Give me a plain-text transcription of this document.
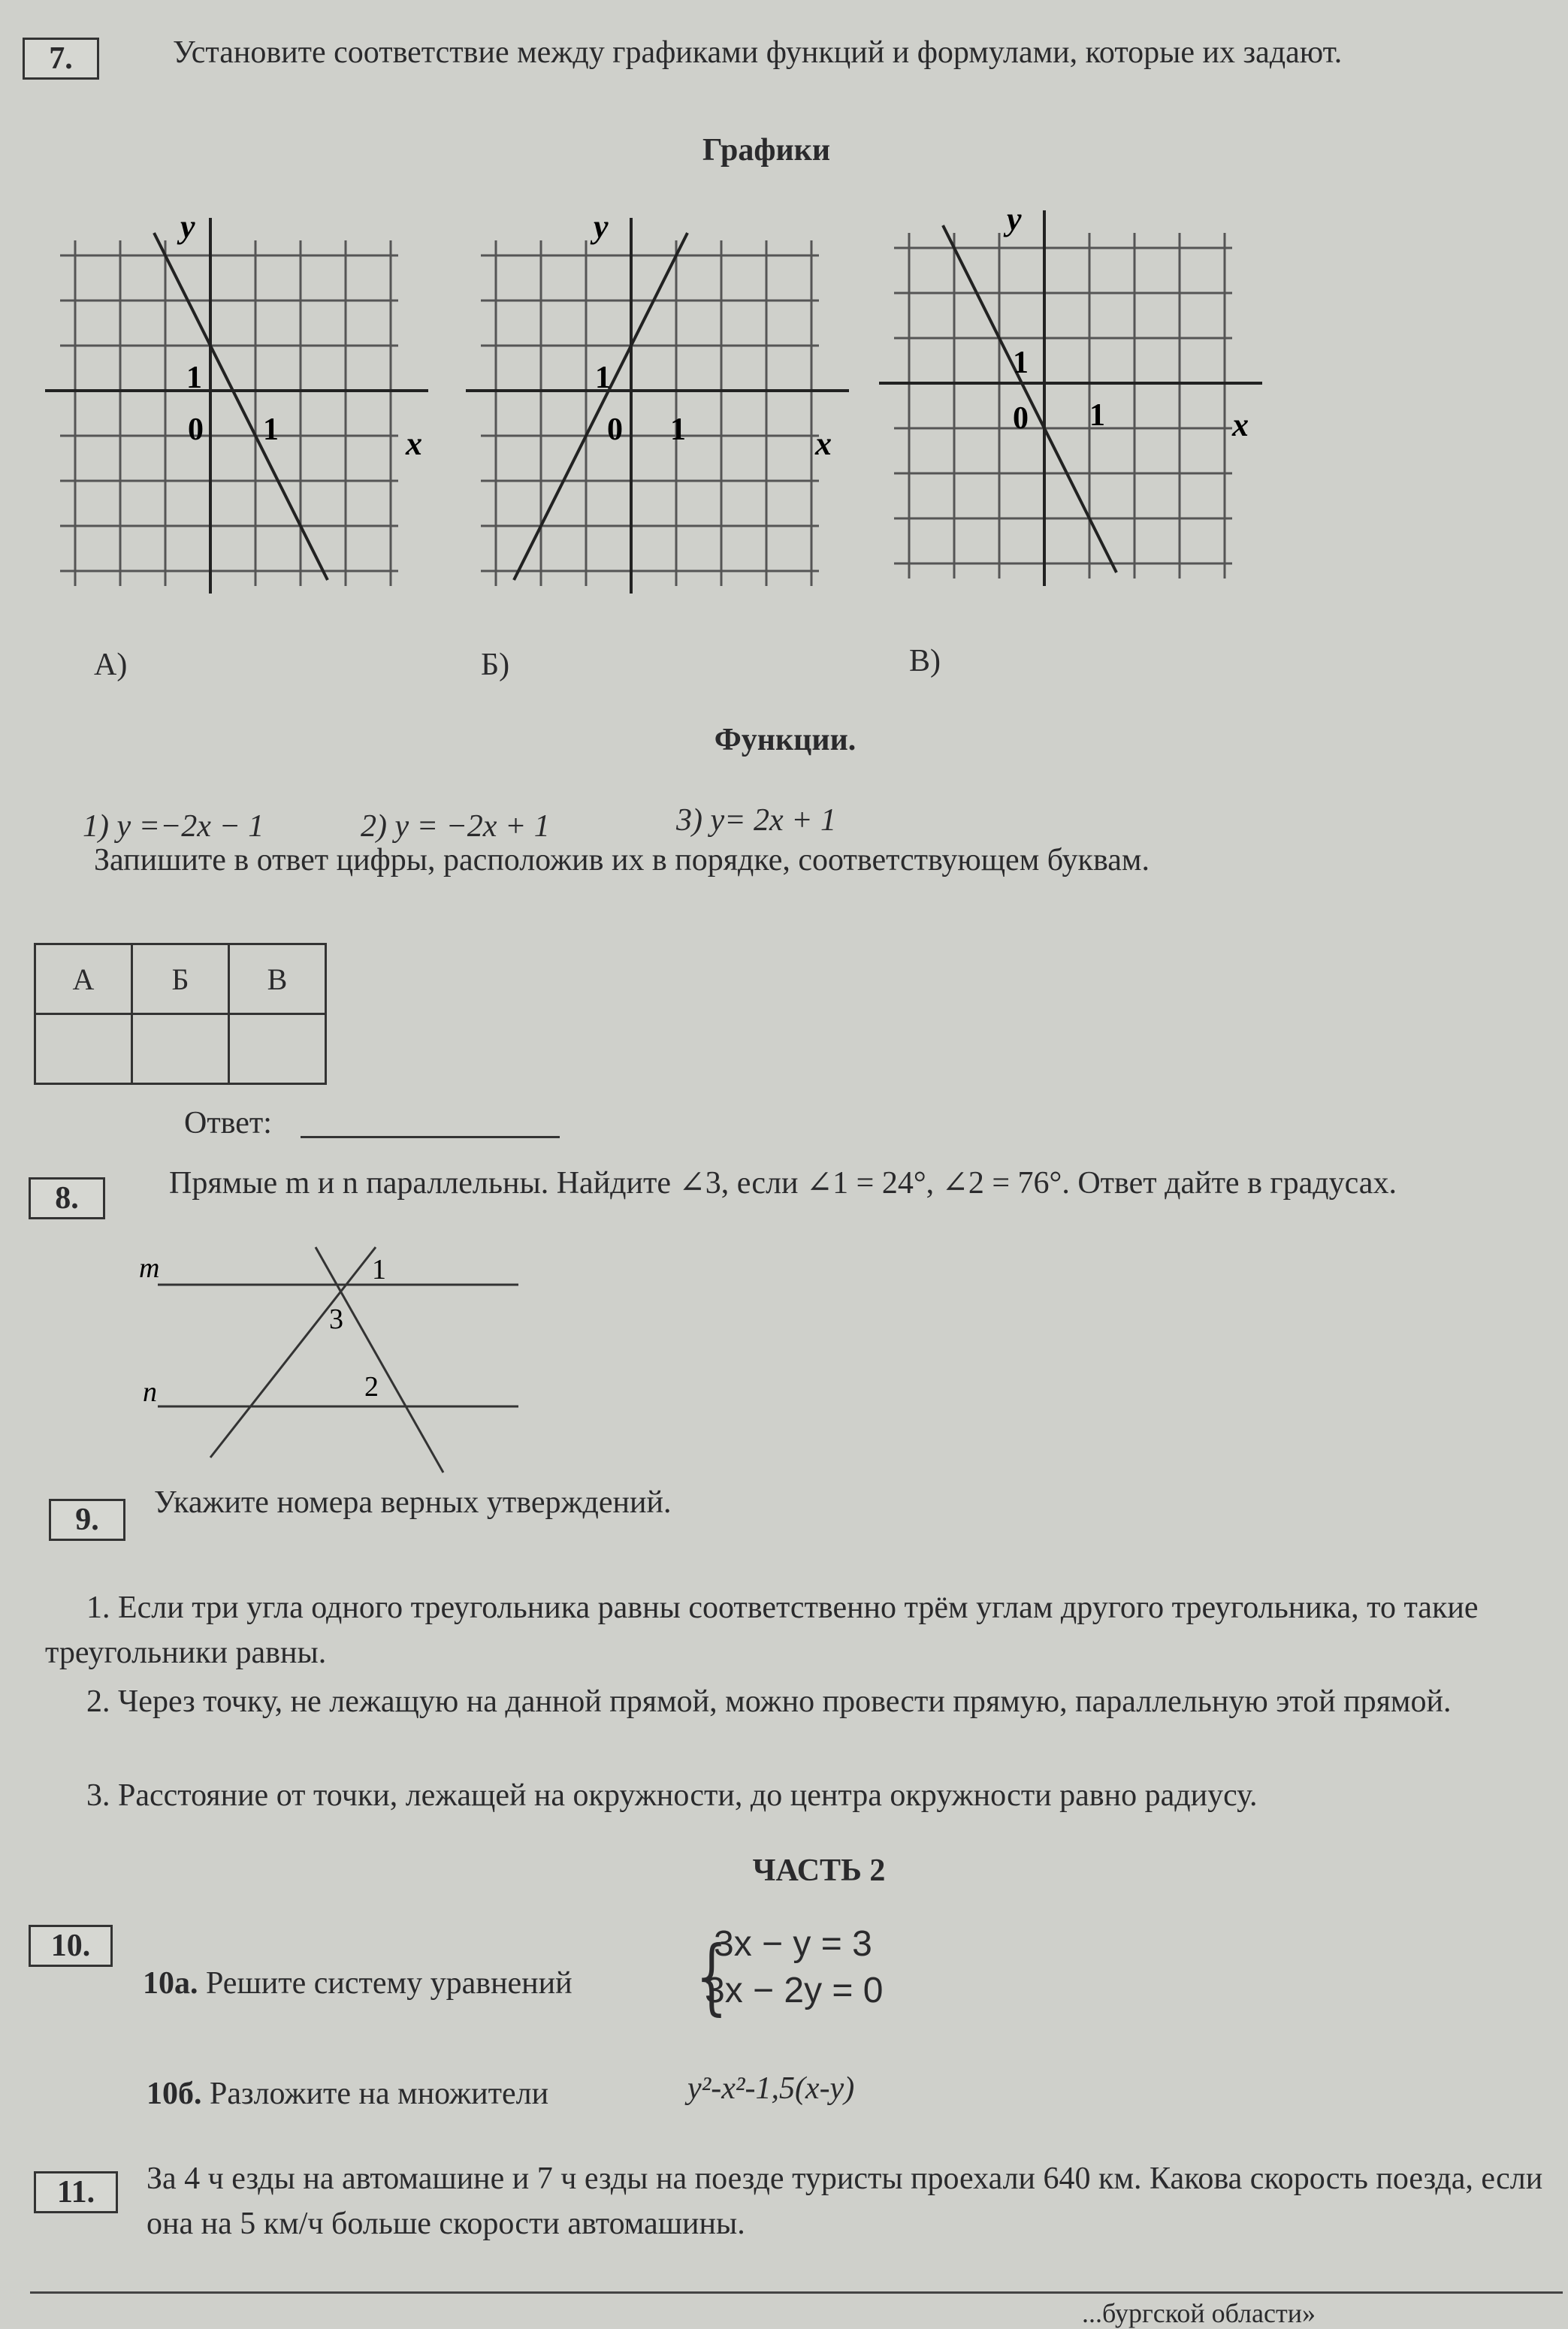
7.	Установите соответствие между графиками функций и формулами, которые их задают.
Графики
y
x
1
0 1
y
x
1
0 1
y
x
1
0 1
А)	Б)	В)
Функции.
1) y =−2x − 1	2) y = −2x + 1	3) y= 2x + 1
Запишите в ответ цифры, расположив их в порядке, соответствующем буквам.
А	Б	В

Ответ:
8.	Прямые m и n параллельны. Найдите ∠3, если ∠1 = 24°, ∠2 = 76°. Ответ дайте в градусах.
m
n
1
3
2
9.	Укажите номера верных утверждений.
1. Если три угла одного треугольника равны соответственно трём углам другого треугольника, то такие треугольники равны.
2. Через точку, не лежащую на данной прямой, можно провести прямую, параллельную этой прямой.
3. Расстояние от точки, лежащей на окружности, до центра окружности равно радиусу.
ЧАСТЬ 2
10.
10а. Решите систему уравнений {
3x − y = 3
3x − 2y = 0
10б. Разложите на множители	y²-x²-1,5(x-y)
11.	За 4 ч езды на автомашине и 7 ч езды на поезде туристы проехали 640 км. Какова скорость поезда, если она на 5 км/ч больше скорости автомашины.
...бургской области»
